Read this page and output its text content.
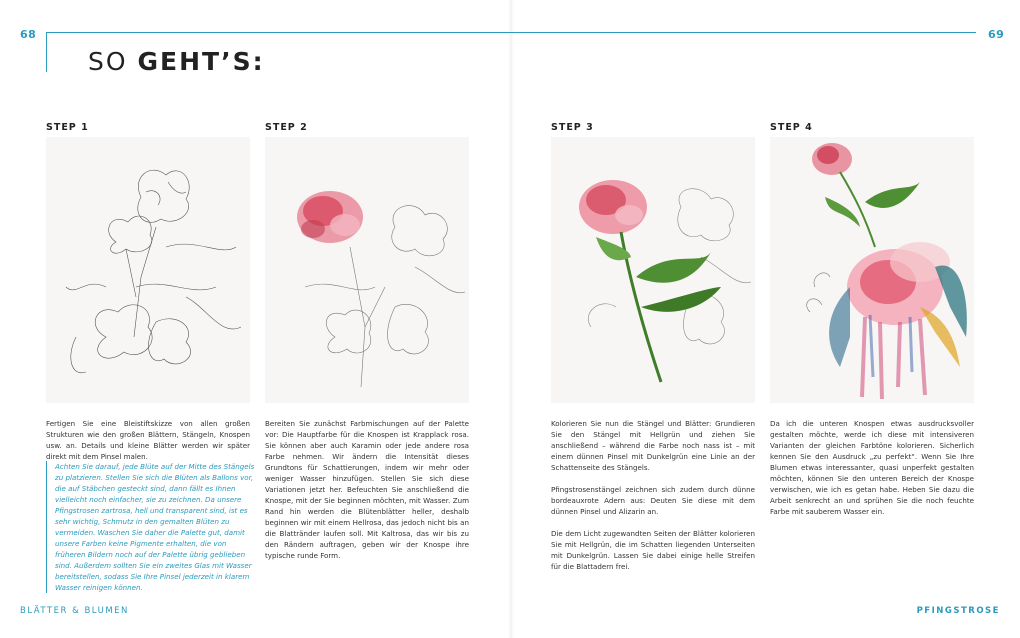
68	69
SO GEHT’S:
STEP 1	STEP 2	STEP 3	STEP 4
Fertigen Sie eine Bleistiftskizze von allen großen Strukturen wie den großen Blättern, Stängeln, Knospen usw. an. Details und kleine Blätter werden wir später direkt mit dem Pinsel malen.
Achten Sie darauf, jede Blüte auf der Mitte des Stängels zu platzieren. Stellen Sie sich die Blüten als Ballons vor, die auf Stäbchen gesteckt sind, dann fällt es Ihnen vielleicht noch einfacher, sie zu zeichnen. Da unsere Pfingstrosen zartrosa, hell und transparent sind, ist es sehr wichtig, Schmutz in den gemalten Blüten zu vermeiden. Waschen Sie daher die Palette gut, damit unsere Farben keine Pigmente erhalten, die von früheren Bildern noch auf der Palette übrig geblieben sind. Außerdem sollten Sie ein zweites Glas mit Wasser bereitstellen, sodass Sie Ihre Pinsel jederzeit in klarem Wasser reinigen können.
Bereiten Sie zunächst Farbmischungen auf der Palette vor: Die Hauptfarbe für die Knospen ist Krapplack rosa. Sie können aber auch Karamin oder jede andere rosa Farbe nehmen. Wir ändern die Intensität dieses Grundtons für Schattierungen, indem wir mehr oder weniger Wasser hinzufügen. Stellen Sie sich diese Variationen jetzt her. Befeuchten Sie anschließend die Knospe, mit der Sie beginnen möchten, mit Wasser. Zum Rand hin werden die Blütenblätter heller, deshalb beginnen wir mit einem Hellrosa, das jedoch nicht bis an die Blattränder laufen soll. Mit Kaltrosa, das wir bis zu den Rändern auftragen, geben wir der Knospe ihre typische runde Form.
Kolorieren Sie nun die Stängel und Blätter: Grundieren Sie den Stängel mit Hellgrün und ziehen Sie anschließend – während die Farbe noch nass ist – mit einem dünnen Pinsel mit Dunkelgrün eine Linie an der Schattenseite des Stängels.
Pfingstrosenstängel zeichnen sich zudem durch dünne bordeauxrote Adern aus: Deuten Sie diese mit dem dünnen Pinsel und Alizarin an.
Die dem Licht zugewandten Seiten der Blätter kolorieren Sie mit Hellgrün, die im Schatten liegenden Unterseiten mit Dunkelgrün. Lassen Sie dabei einige helle Streifen für die Blattadern frei.
Da ich die unteren Knospen etwas ausdrucksvoller gestalten möchte, werde ich diese mit intensiveren Varianten der gleichen Farbtöne kolorieren. Sicherlich kennen Sie den Ausdruck „zu perfekt“. Wenn Sie Ihre Blumen etwas interessanter, quasi unperfekt gestalten möchten, können Sie den unteren Bereich der Knospe verwischen, wie ich es getan habe. Heben Sie dazu die Arbeit senkrecht an und sprühen Sie die noch feuchte Farbe mit sauberem Wasser ein.
BLÄTTER & BLUMEN	PFINGSTROSE
